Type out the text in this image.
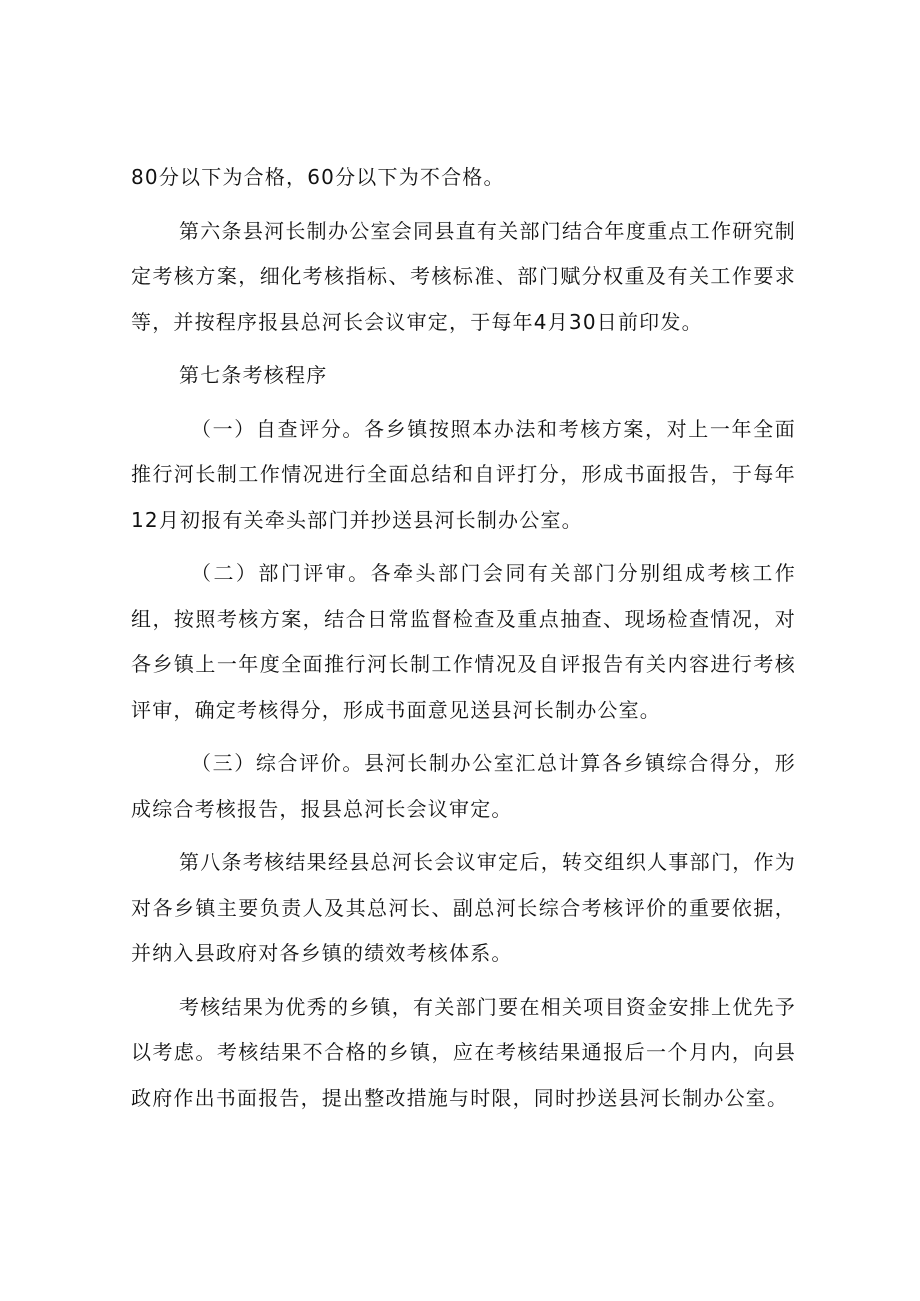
80分以下为合格，60分以下为不合格。

第六条县河长制办公室会同县直有关部门结合年度重点工作研究制定考核方案，细化考核指标、考核标准、部门赋分权重及有关工作要求等，并按程序报县总河长会议审定，于每年4月30日前印发。

第七条考核程序

（一）自查评分。各乡镇按照本办法和考核方案，对上一年全面推行河长制工作情况进行全面总结和自评打分，形成书面报告，于每年12月初报有关牵头部门并抄送县河长制办公室。

（二）部门评审。各牵头部门会同有关部门分别组成考核工作组，按照考核方案，结合日常监督检查及重点抽查、现场检查情况，对各乡镇上一年度全面推行河长制工作情况及自评报告有关内容进行考核评审，确定考核得分，形成书面意见送县河长制办公室。

（三）综合评价。县河长制办公室汇总计算各乡镇综合得分，形成综合考核报告，报县总河长会议审定。

第八条考核结果经县总河长会议审定后，转交组织人事部门，作为对各乡镇主要负责人及其总河长、副总河长综合考核评价的重要依据，并纳入县政府对各乡镇的绩效考核体系。

考核结果为优秀的乡镇，有关部门要在相关项目资金安排上优先予以考虑。考核结果不合格的乡镇，应在考核结果通报后一个月内，向县政府作出书面报告，提出整改措施与时限，同时抄送县河长制办公室。
